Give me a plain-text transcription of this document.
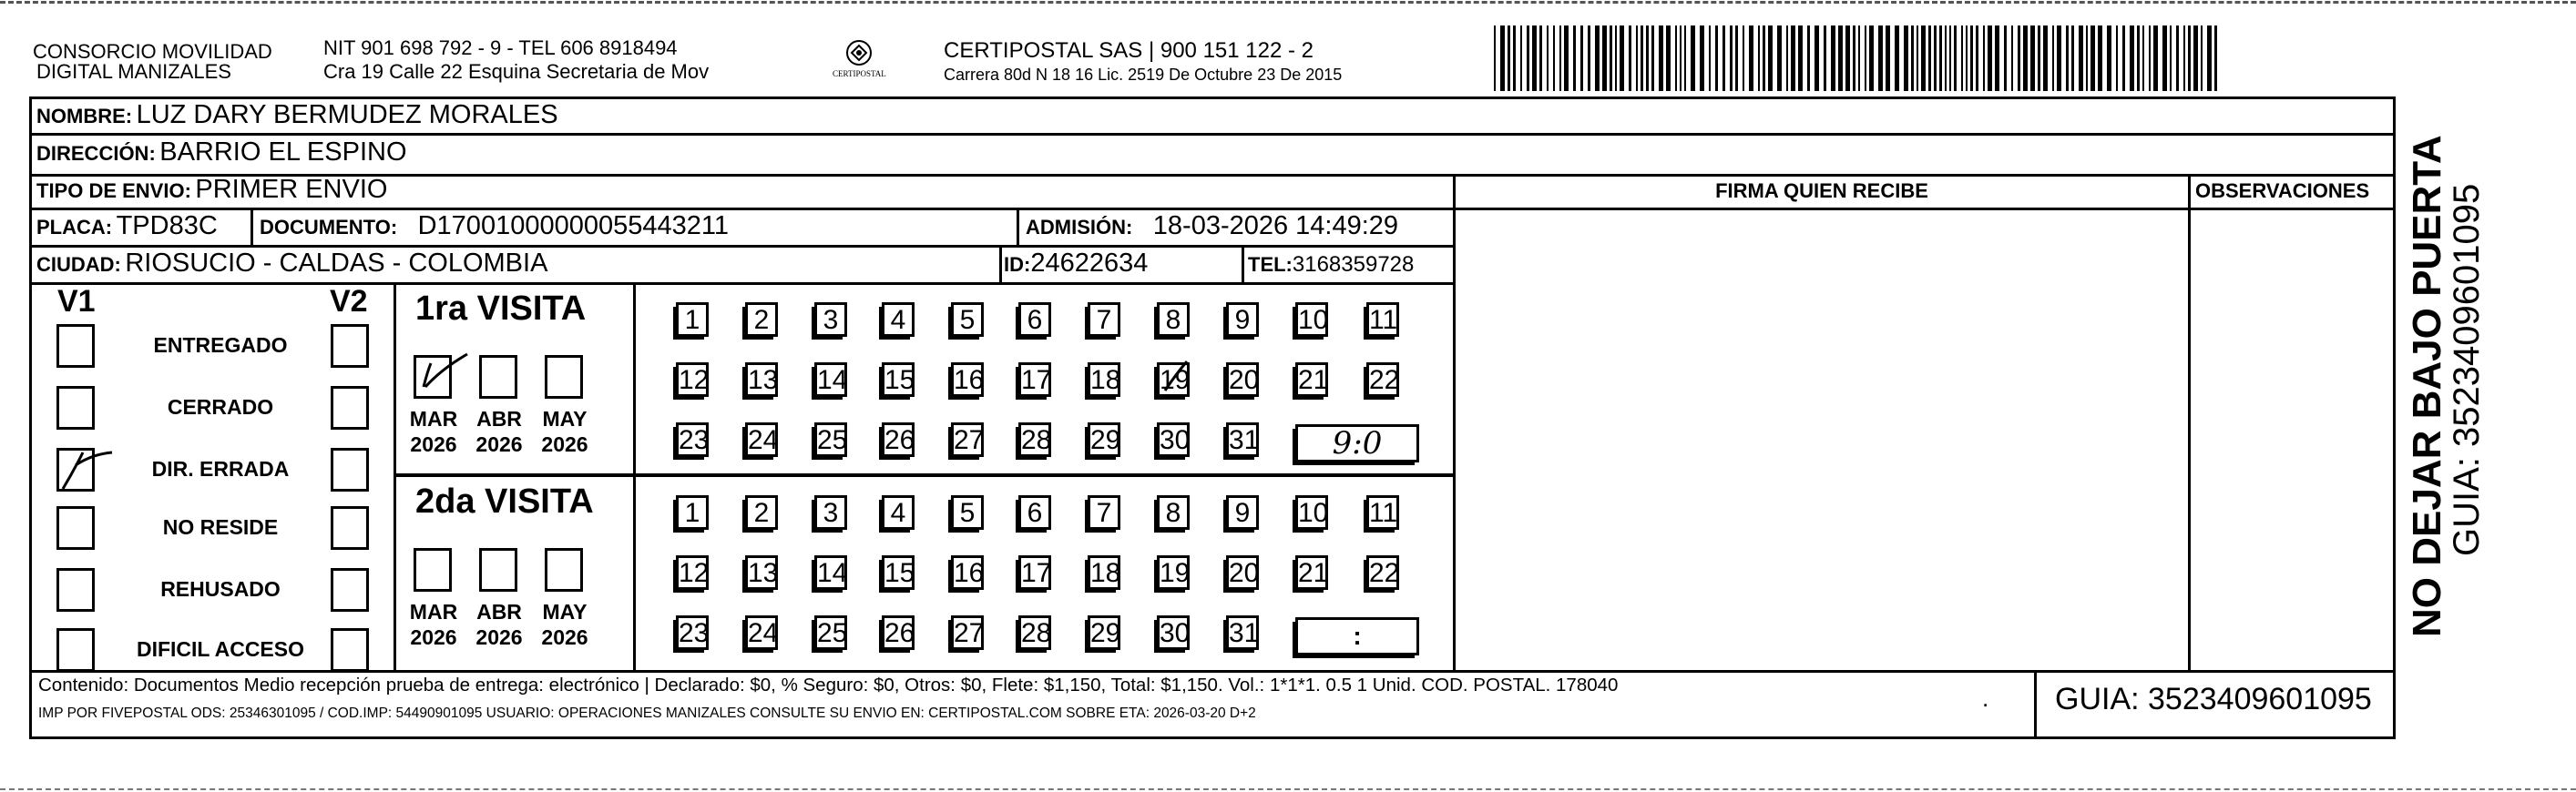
CONSORCIO MOVILIDAD
DIGITAL MANIZALES
NIT 901 698 792 - 9 - TEL 606 8918494
Cra 19 Calle 22 Esquina Secretaria de Mov	CERTIPOSTAL
CERTIPOSTAL SAS | 900 151 122 - 2
Carrera 80d N 18 16 Lic. 2519 De Octubre 23 De 2015
NOMBRE: LUZ DARY BERMUDEZ MORALES
DIRECCIÓN: BARRIO EL ESPINO
TIPO DE ENVIO: PRIMER ENVIO
PLACA: TPD83C DOCUMENTO: D17001000000055443211	ADMISIÓN: 18-03-2026 14:49:29
CIUDAD: RIOSUCIO - CALDAS - COLOMBIA	ID:24622634	TEL:3168359728
FIRMA QUIEN RECIBE	OBSERVACIONES
V1	V2
ENTREGADO
CERRADO
DIR. ERRADA
NO RESIDE
REHUSADO
DIFICIL ACCESO
1ra VISITA
MAR
2026
ABR
2026
MAY
2026
1	2	3	4	5	6	7	8	9	10 11
12 13 14 15 16 17 18 19 20 21 22
23 24 25 26 27 28 29 30 31	9:0
2da VISITA
MAR
2026
ABR
2026
MAY
2026
1	2	3	4	5	6	7	8	9	10 11
12 13 14 15 16 17 18 19 20 21 22
23 24 25 26 27 28 29 30 31	:
Contenido: Documentos Medio recepción prueba de entrega: electrónico | Declarado: $0, % Seguro: $0, Otros: $0, Flete: $1,150, Total: $1,150. Vol.: 1*1*1. 0.5 1 Unid. COD. POSTAL. 178040
IMP POR FIVEPOSTAL ODS: 25346301095 / COD.IMP: 54490901095 USUARIO: OPERACIONES MANIZALES CONSULTE SU ENVIO EN: CERTIPOSTAL.COM SOBRE ETA: 2026-03-20 D+2
. GUIA: 3523409601095
NO DEJAR BAJO PUERTA
GUIA: 3523409601095
